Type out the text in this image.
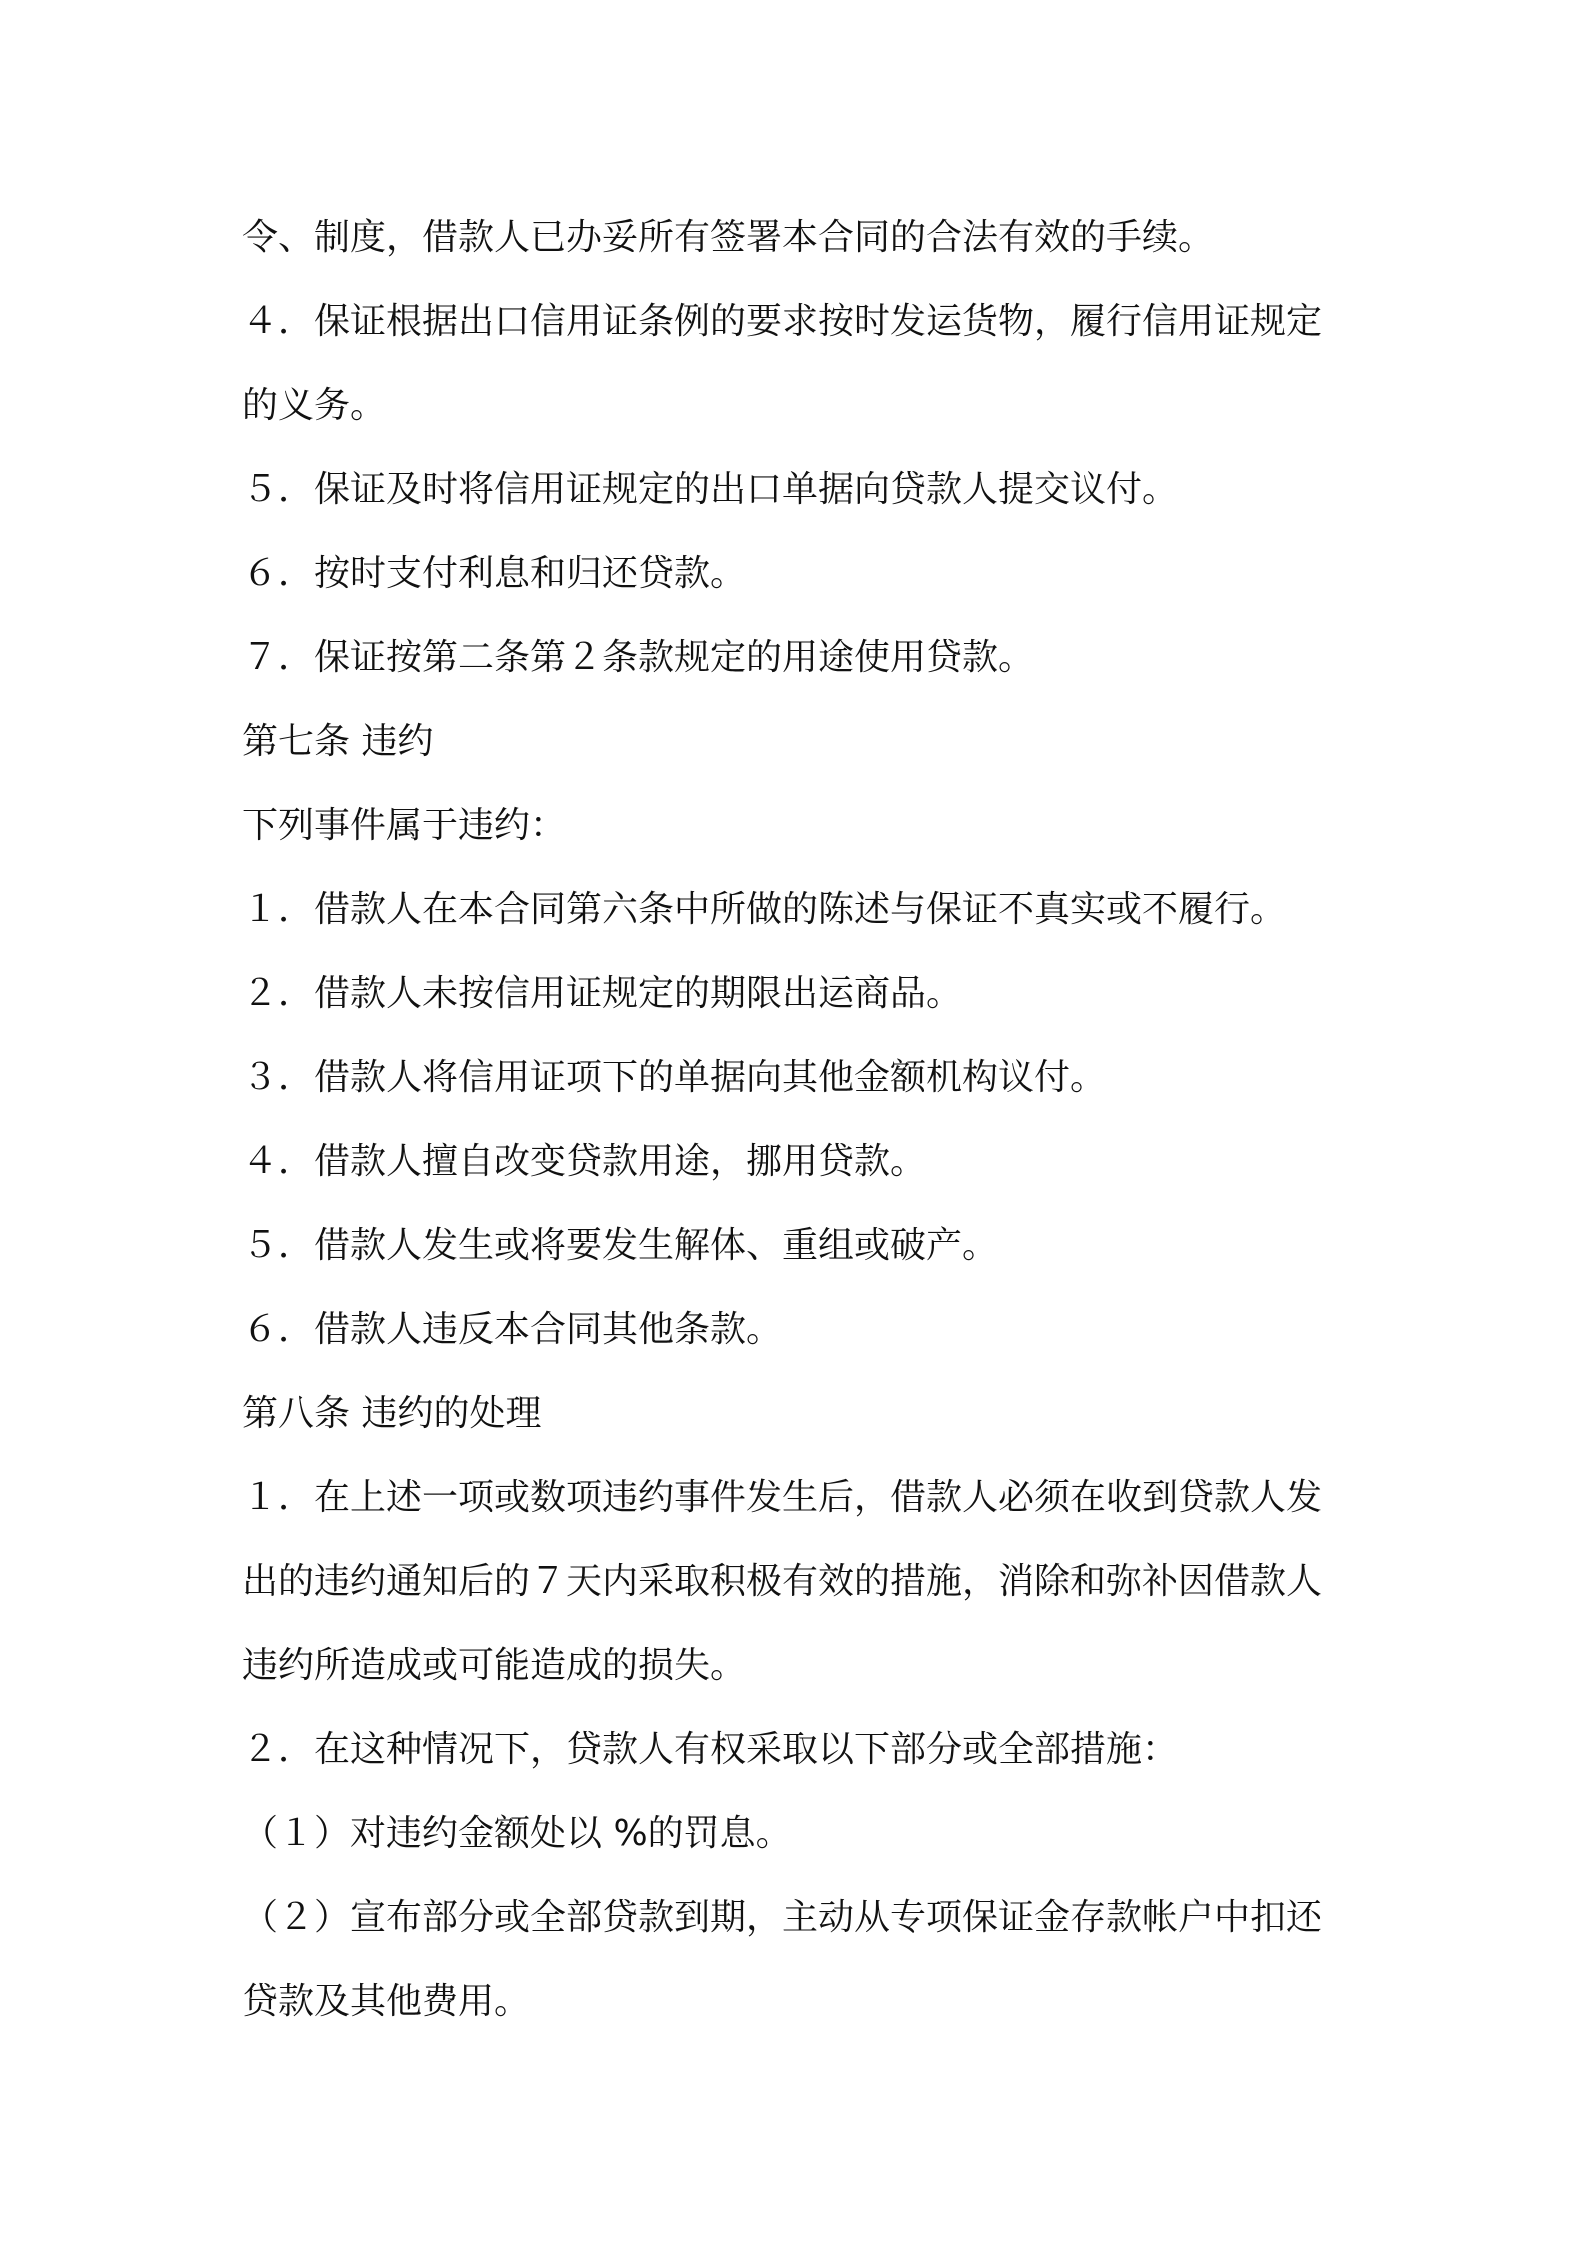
令、制度，借款人已办妥所有签署本合同的合法有效的手续。
４．保证根据出口信用证条例的要求按时发运货物，履行信用证规定
的义务。
５．保证及时将信用证规定的出口单据向贷款人提交议付。
６．按时支付利息和归还贷款。
７．保证按第二条第２条款规定的用途使用贷款。
第七条 违约
下列事件属于违约：
１．借款人在本合同第六条中所做的陈述与保证不真实或不履行。
２．借款人未按信用证规定的期限出运商品。
３．借款人将信用证项下的单据向其他金额机构议付。
４．借款人擅自改变贷款用途，挪用贷款。
５．借款人发生或将要发生解体、重组或破产。
６．借款人违反本合同其他条款。
第八条 违约的处理
１．在上述一项或数项违约事件发生后，借款人必须在收到贷款人发
出的违约通知后的７天内采取积极有效的措施，消除和弥补因借款人
违约所造成或可能造成的损失。
２．在这种情况下，贷款人有权采取以下部分或全部措施：
（１）对违约金额处以 %的罚息。
（２）宣布部分或全部贷款到期，主动从专项保证金存款帐户中扣还
贷款及其他费用。
